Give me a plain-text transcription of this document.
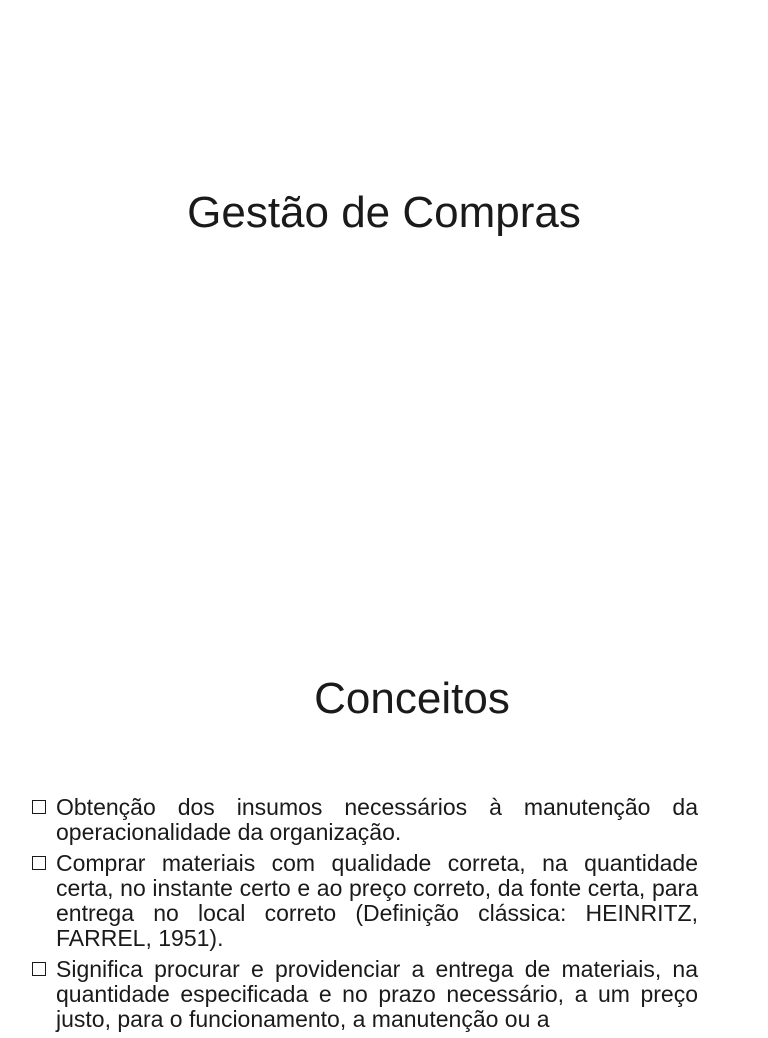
Gestão de Compras
Conceitos
Obtenção dos insumos necessários à manutenção da operacionalidade da organização.
Comprar materiais com qualidade correta, na quantidade certa, no instante certo e ao preço correto, da fonte certa, para entrega no local correto (Definição clássica: HEINRITZ, FARREL, 1951).
Significa procurar e providenciar a entrega de materiais, na quantidade especificada e no prazo necessário, a um preço justo, para o funcionamento, a manutenção ou a
